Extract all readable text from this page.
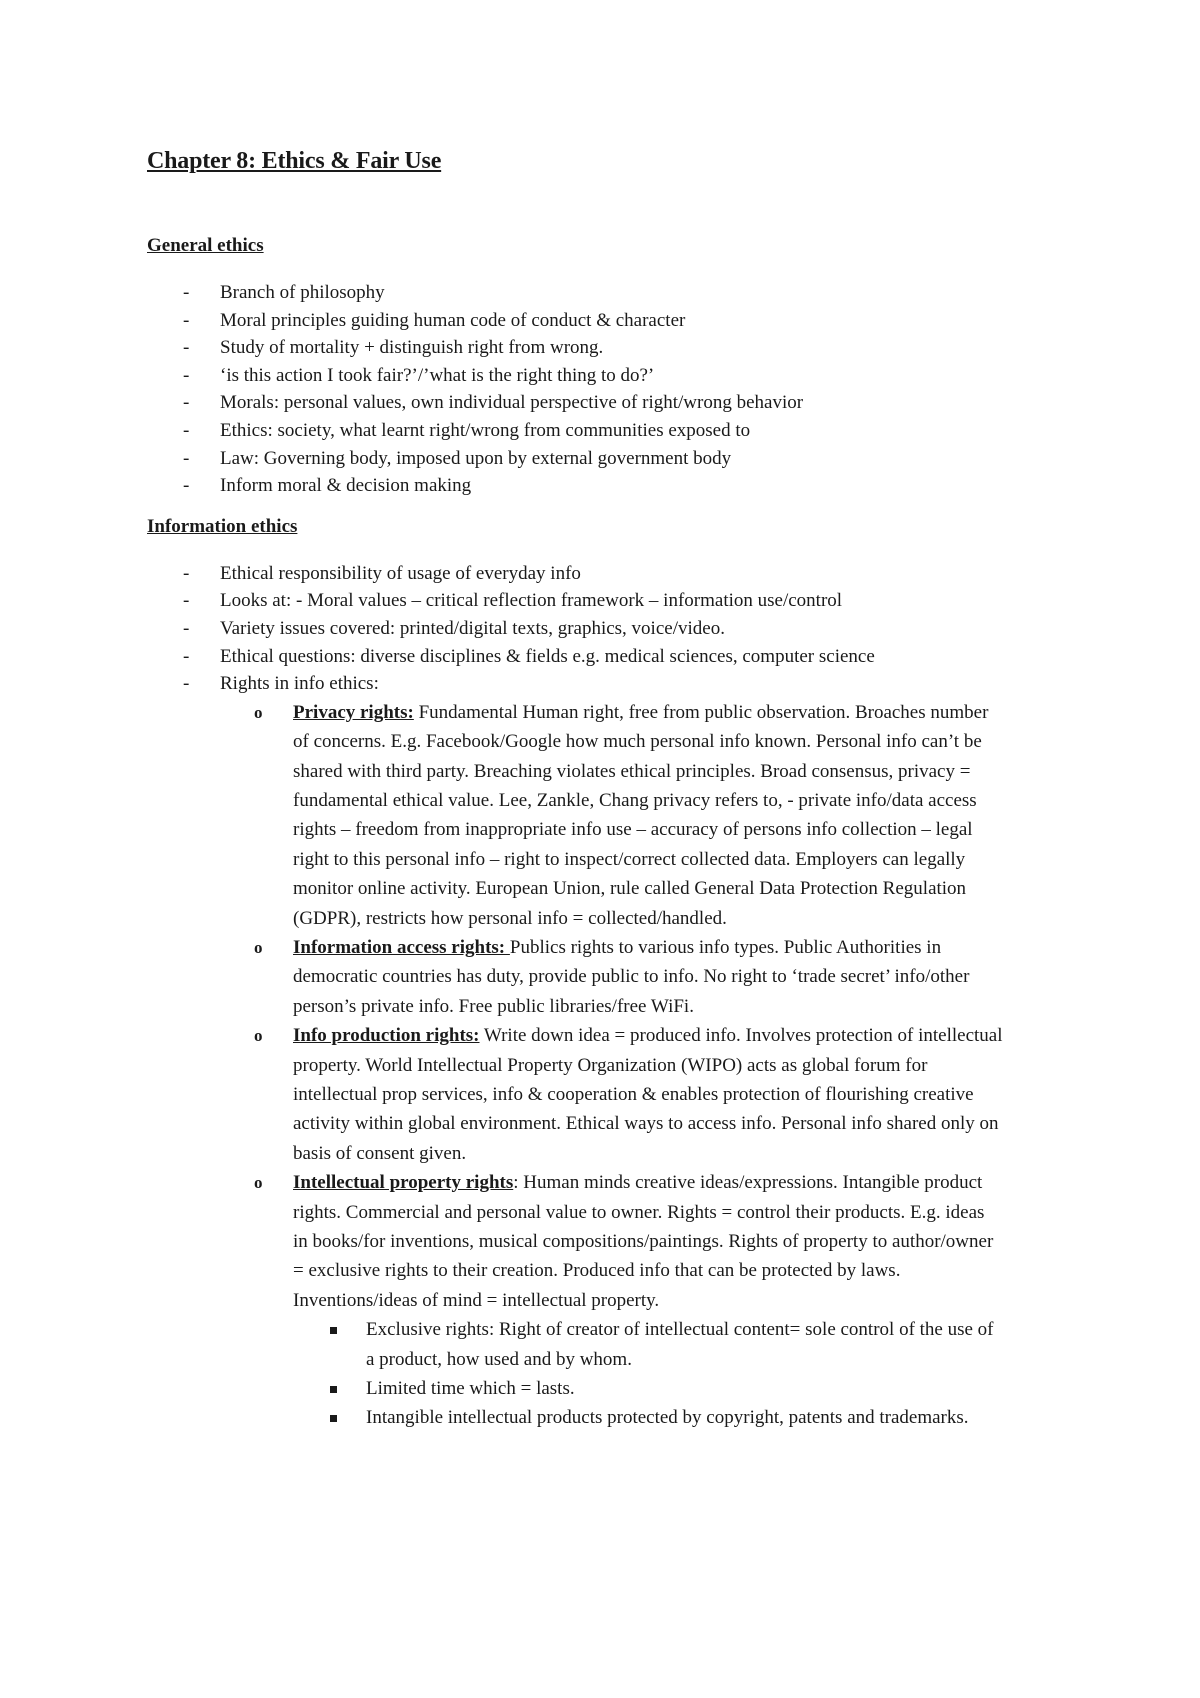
Chapter 8: Ethics & Fair Use
General ethics
- Branch of philosophy
- Moral principles guiding human code of conduct & character
- Study of mortality + distinguish right from wrong.
- ‘is this action I took fair?’/’what is the right thing to do?’
- Morals: personal values, own individual perspective of right/wrong behavior
- Ethics: society, what learnt right/wrong from communities exposed to
- Law: Governing body, imposed upon by external government body
- Inform moral & decision making
Information ethics
- Ethical responsibility of usage of everyday info
- Looks at: - Moral values – critical reflection framework – information use/control
- Variety issues covered: printed/digital texts, graphics, voice/video.
- Ethical questions: diverse disciplines & fields e.g. medical sciences, computer science
- Rights in info ethics:
o Privacy rights: Fundamental Human right, free from public observation. Broaches number of concerns. E.g. Facebook/Google how much personal info known. Personal info can’t be shared with third party. Breaching violates ethical principles. Broad consensus, privacy = fundamental ethical value. Lee, Zankle, Chang privacy refers to, - private info/data access rights – freedom from inappropriate info use – accuracy of persons info collection – legal right to this personal info – right to inspect/correct collected data. Employers can legally monitor online activity. European Union, rule called General Data Protection Regulation (GDPR), restricts how personal info = collected/handled.
o Information access rights: Publics rights to various info types. Public Authorities in democratic countries has duty, provide public to info. No right to ‘trade secret’ info/other person’s private info. Free public libraries/free WiFi.
o Info production rights: Write down idea = produced info. Involves protection of intellectual property. World Intellectual Property Organization (WIPO) acts as global forum for intellectual prop services, info & cooperation & enables protection of flourishing creative activity within global environment. Ethical ways to access info. Personal info shared only on basis of consent given.
o Intellectual property rights: Human minds creative ideas/expressions. Intangible product rights. Commercial and personal value to owner. Rights = control their products. E.g. ideas in books/for inventions, musical compositions/paintings. Rights of property to author/owner = exclusive rights to their creation. Produced info that can be protected by laws. Inventions/ideas of mind = intellectual property.
Exclusive rights: Right of creator of intellectual content= sole control of the use of a product, how used and by whom.
Limited time which = lasts.
Intangible intellectual products protected by copyright, patents and trademarks.
